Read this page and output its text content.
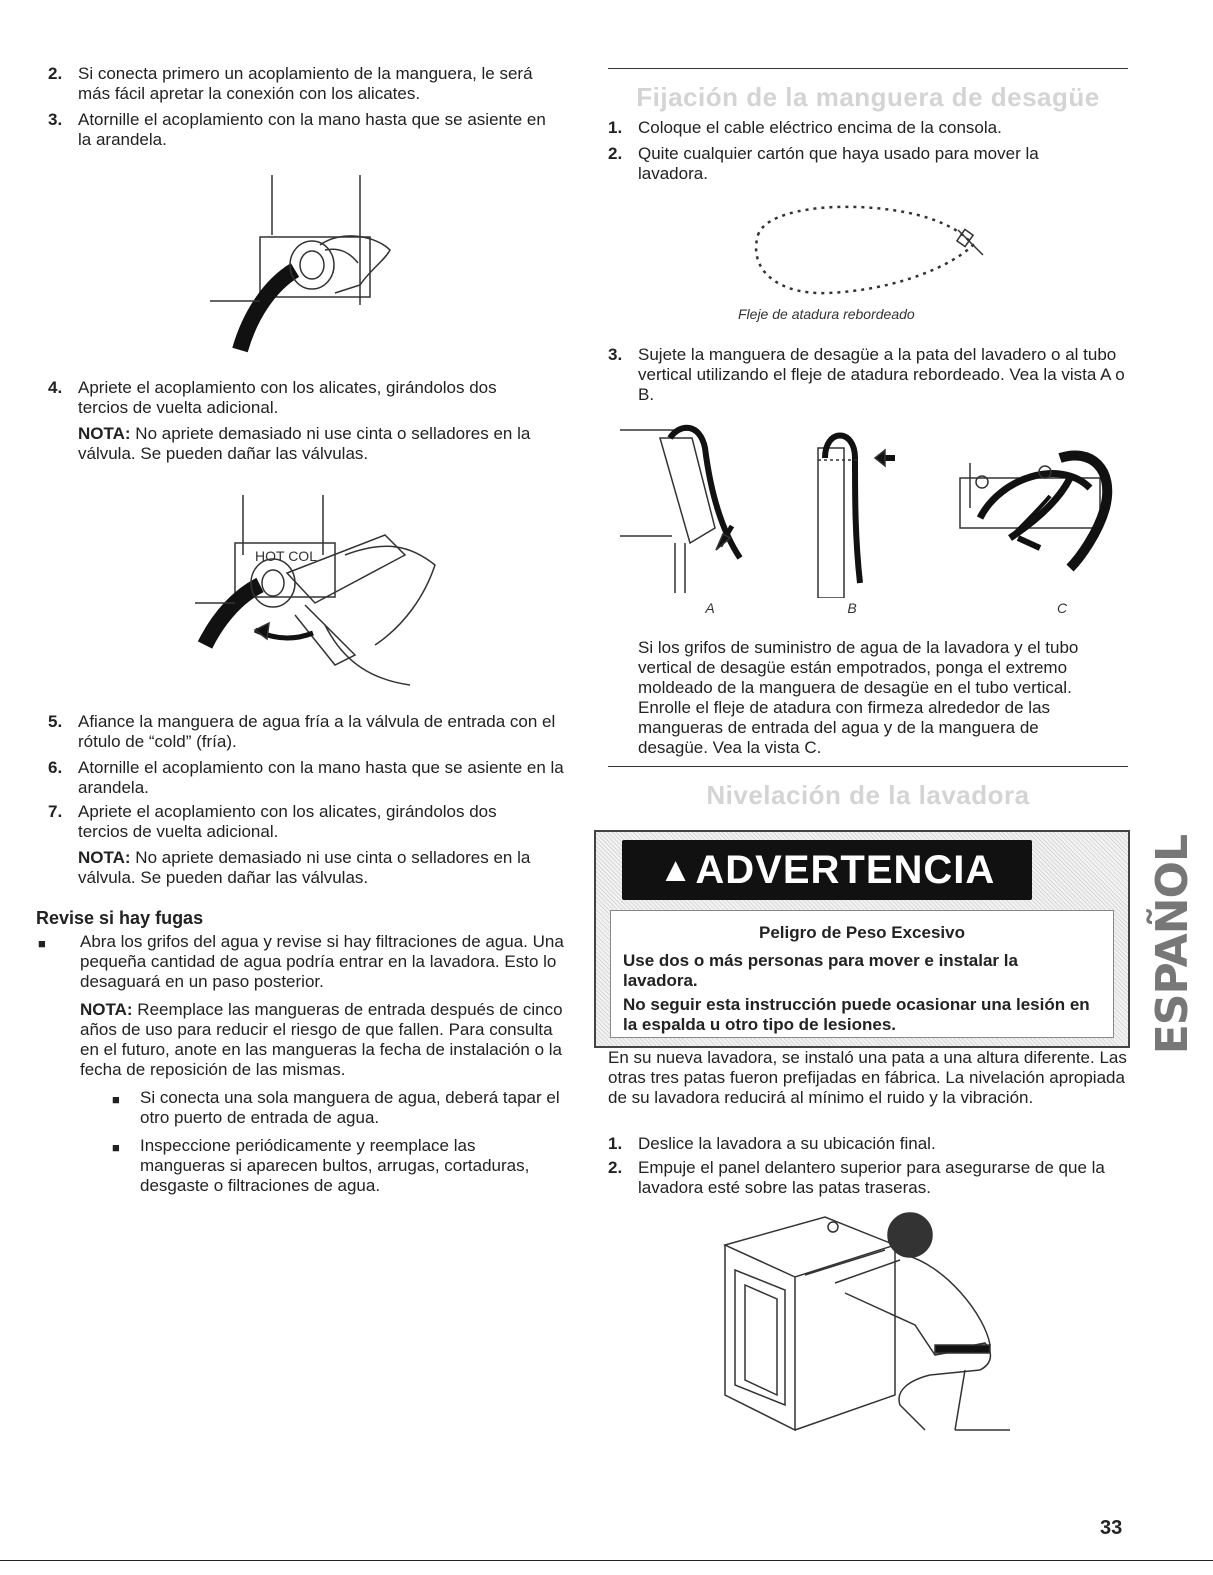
2. Si conecta primero un acoplamiento de la manguera, le será más fácil apretar la conexión con los alicates.
3. Atornille el acoplamiento con la mano hasta que se asiente en la arandela.
4. Apriete el acoplamiento con los alicates, girándolos dos tercios de vuelta adicional.
NOTA: No apriete demasiado ni use cinta o selladores en la válvula. Se pueden dañar las válvulas.
HOT COL
5. Afiance la manguera de agua fría a la válvula de entrada con el rótulo de “cold” (fría).
6. Atornille el acoplamiento con la mano hasta que se asiente en la arandela.
7. Apriete el acoplamiento con los alicates, girándolos dos tercios de vuelta adicional.
NOTA: No apriete demasiado ni use cinta o selladores en la válvula. Se pueden dañar las válvulas.
Revise si hay fugas
■ Abra los grifos del agua y revise si hay filtraciones de agua. Una pequeña cantidad de agua podría entrar en la lavadora. Esto lo desaguará en un paso posterior.
NOTA: Reemplace las mangueras de entrada después de cinco años de uso para reducir el riesgo de que fallen. Para consulta en el futuro, anote en las mangueras la fecha de instalación o la fecha de reposición de las mismas.
■ Si conecta una sola manguera de agua, deberá tapar el otro puerto de entrada de agua.
■ Inspeccione periódicamente y reemplace las mangueras si aparecen bultos, arrugas, cortaduras, desgaste o filtraciones de agua.
Fijación de la manguera de desagüe
1. Coloque el cable eléctrico encima de la consola.
2. Quite cualquier cartón que haya usado para mover la lavadora.
Fleje de atadura rebordeado
3. Sujete la manguera de desagüe a la pata del lavadero o al tubo vertical utilizando el fleje de atadura rebordeado. Vea la vista A o B.
A	B	C
Si los grifos de suministro de agua de la lavadora y el tubo vertical de desagüe están empotrados, ponga el extremo moldeado de la manguera de desagüe en el tubo vertical. Enrolle el fleje de atadura con firmeza alrededor de las mangueras de entrada del agua y de la manguera de desagüe. Vea la vista C.
Nivelación de la lavadora
▲ ADVERTENCIA
Peligro de Peso Excesivo
Use dos o más personas para mover e instalar la lavadora.
No seguir esta instrucción puede ocasionar una lesión en la espalda u otro tipo de lesiones.
En su nueva lavadora, se instaló una pata a una altura diferente. Las otras tres patas fueron prefijadas en fábrica. La nivelación apropiada de su lavadora reducirá al mínimo el ruido y la vibración.
1. Deslice la lavadora a su ubicación final.
2. Empuje el panel delantero superior para asegurarse de que la lavadora esté sobre las patas traseras.
ESPAÑOL
33
